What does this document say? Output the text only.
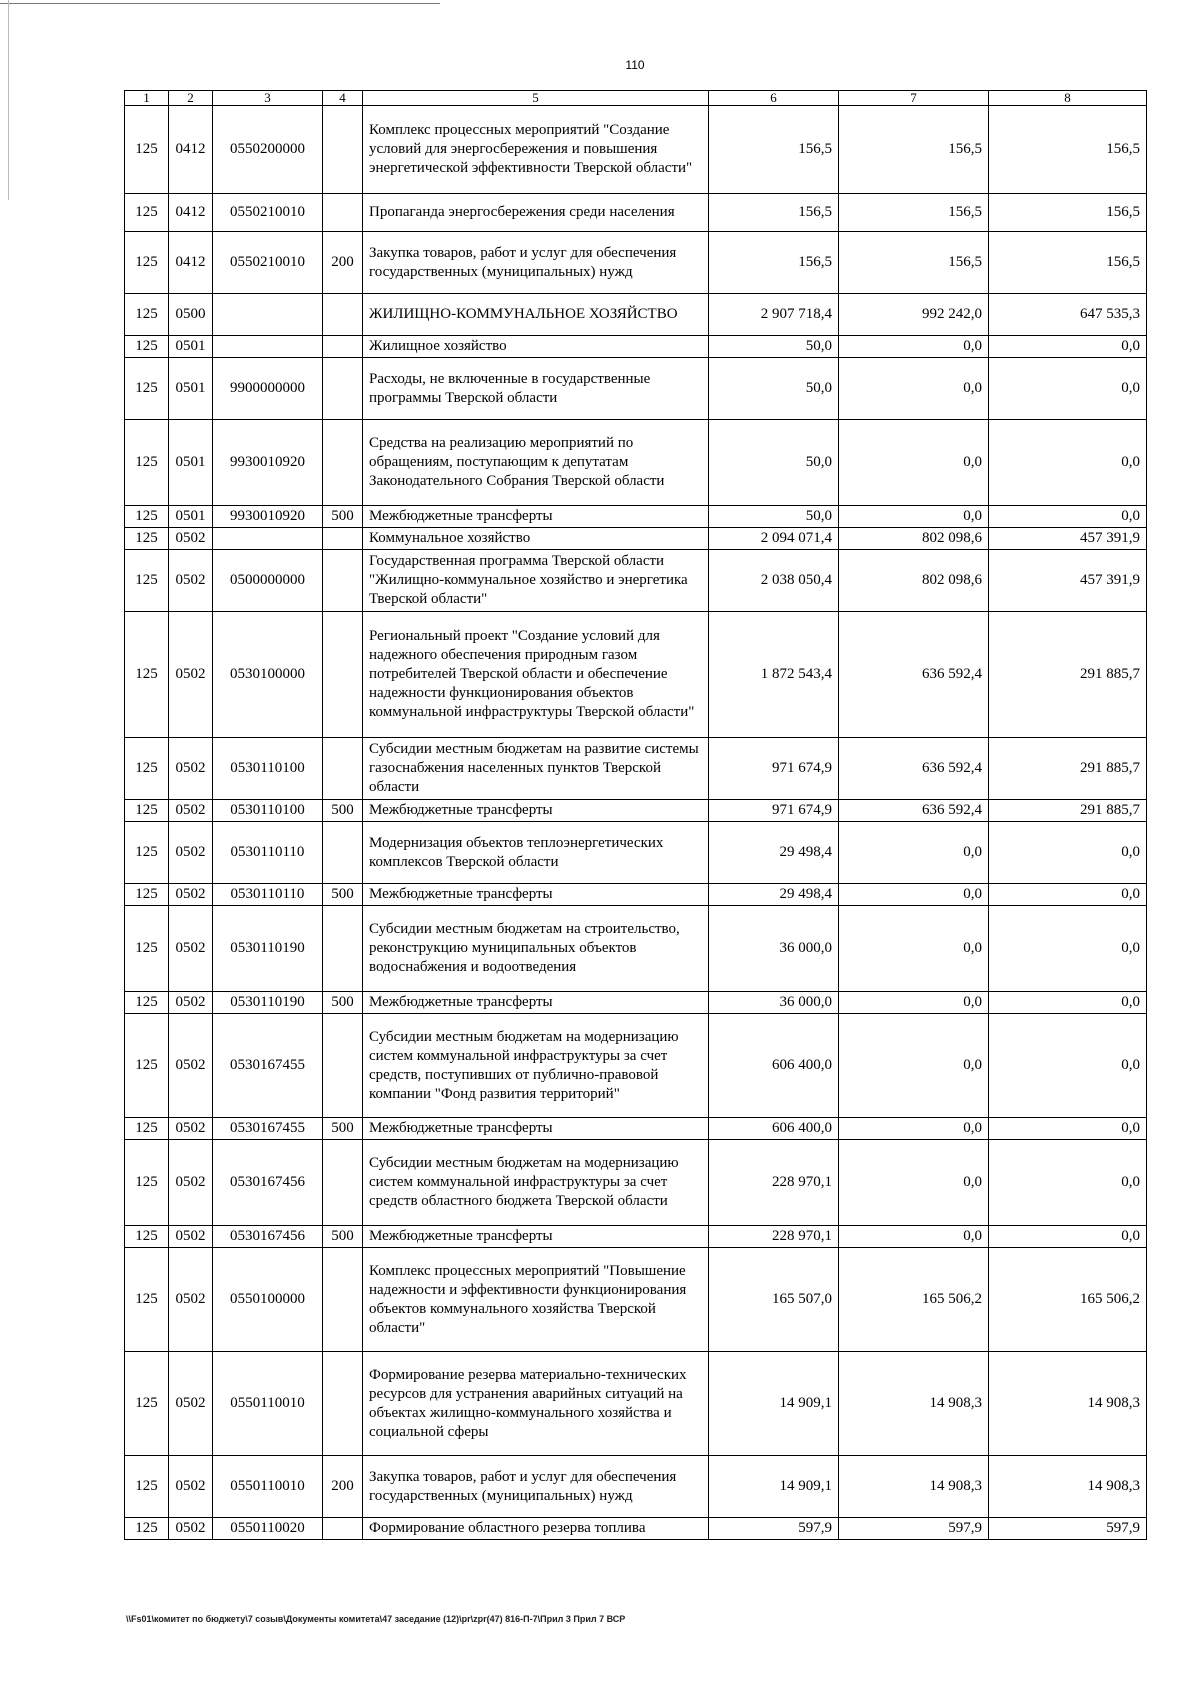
110
1	2	3	4	5	6	7	8
125	0412	0550200000		Комплекс процессных мероприятий "Создание условий для энергосбережения и повышения энергетической эффективности Тверской области"	156,5	156,5	156,5
125	0412	0550210010		Пропаганда энергосбережения среди населения	156,5	156,5	156,5
125	0412	0550210010	200	Закупка товаров, работ и услуг для обеспечения государственных (муниципальных) нужд	156,5	156,5	156,5
125	0500			ЖИЛИЩНО-КОММУНАЛЬНОЕ ХОЗЯЙСТВО	2 907 718,4	992 242,0	647 535,3
125	0501			Жилищное хозяйство	50,0	0,0	0,0
125	0501	9900000000		Расходы, не включенные в государственные программы Тверской области	50,0	0,0	0,0
125	0501	9930010920		Средства на реализацию мероприятий по обращениям, поступающим к депутатам Законодательного Собрания Тверской области	50,0	0,0	0,0
125	0501	9930010920	500	Межбюджетные трансферты	50,0	0,0	0,0
125	0502			Коммунальное хозяйство	2 094 071,4	802 098,6	457 391,9
125	0502	0500000000		Государственная программа Тверской области "Жилищно-коммунальное хозяйство и энергетика Тверской области"	2 038 050,4	802 098,6	457 391,9
125	0502	0530100000		Региональный проект "Создание условий для надежного обеспечения природным газом потребителей Тверской области и обеспечение надежности функционирования объектов коммунальной инфраструктуры Тверской области"	1 872 543,4	636 592,4	291 885,7
125	0502	0530110100		Субсидии местным бюджетам на развитие системы газоснабжения населенных пунктов Тверской области	971 674,9	636 592,4	291 885,7
125	0502	0530110100	500	Межбюджетные трансферты	971 674,9	636 592,4	291 885,7
125	0502	0530110110		Модернизация объектов теплоэнергетических комплексов Тверской области	29 498,4	0,0	0,0
125	0502	0530110110	500	Межбюджетные трансферты	29 498,4	0,0	0,0
125	0502	0530110190		Субсидии местным бюджетам на строительство, реконструкцию муниципальных объектов водоснабжения и водоотведения	36 000,0	0,0	0,0
125	0502	0530110190	500	Межбюджетные трансферты	36 000,0	0,0	0,0
125	0502	0530167455		Субсидии местным бюджетам на модернизацию систем коммунальной инфраструктуры за счет средств, поступивших от публично-правовой компании "Фонд развития территорий"	606 400,0	0,0	0,0
125	0502	0530167455	500	Межбюджетные трансферты	606 400,0	0,0	0,0
125	0502	0530167456		Субсидии местным бюджетам на модернизацию систем коммунальной инфраструктуры за счет средств областного бюджета Тверской области	228 970,1	0,0	0,0
125	0502	0530167456	500	Межбюджетные трансферты	228 970,1	0,0	0,0
125	0502	0550100000		Комплекс процессных мероприятий "Повышение надежности и эффективности функционирования объектов коммунального хозяйства Тверской области"	165 507,0	165 506,2	165 506,2
125	0502	0550110010		Формирование резерва материально-технических ресурсов для устранения аварийных ситуаций на объектах жилищно-коммунального хозяйства и социальной сферы	14 909,1	14 908,3	14 908,3
125	0502	0550110010	200	Закупка товаров, работ и услуг для обеспечения государственных (муниципальных) нужд	14 909,1	14 908,3	14 908,3
125	0502	0550110020		Формирование областного резерва топлива	597,9	597,9	597,9
\\Fs01\комитет по бюджету\7 созыв\Документы комитета\47 заседание (12)\pr\zpr(47) 816-П-7\Прил 3 Прил 7 ВСР
